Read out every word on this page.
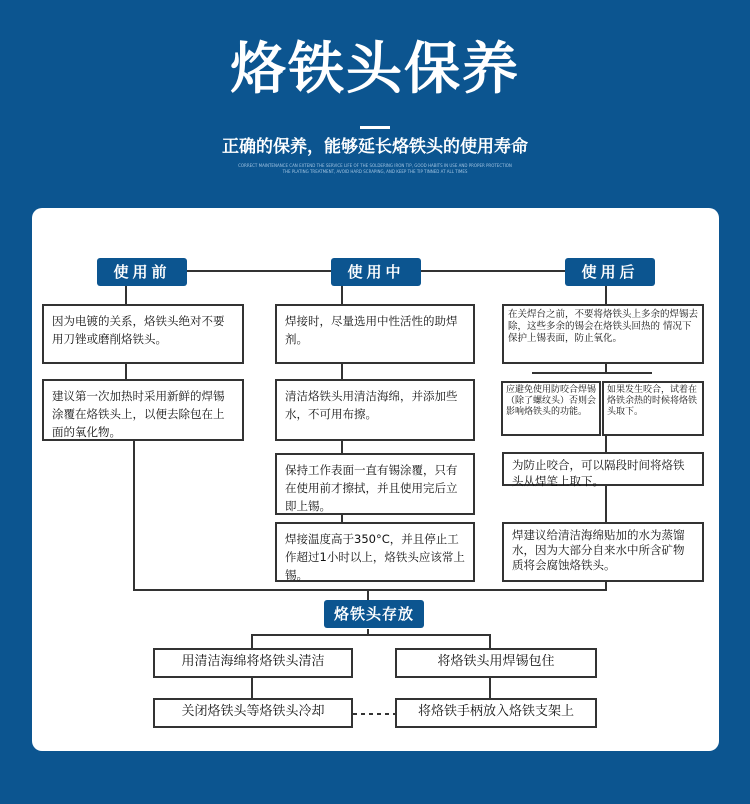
烙铁头保养
正确的保养，能够延长烙铁头的使用寿命
CORRECT MAINTENANCE CAN EXTEND THE SERVICE LIFE OF THE SOLDERING IRON TIP, GOOD HABITS IN USE AND PROPER PROTECTION
THE PLATING TREATMENT, AVOID HARD SCRAPING, AND KEEP THE TIP TINNED AT ALL TIMES
使用前	使用中	使用后
因为电镀的关系，烙铁头绝对不要用刀锉或磨削烙铁头。
建议第一次加热时采用新鲜的焊锡涂覆在烙铁头上，以便去除包在上面的氧化物。
焊接时，尽量选用中性活性的助焊剂。
清洁烙铁头用清洁海绵，并添加些水，不可用布擦。
保持工作表面一直有锡涂覆，只有在使用前才擦拭，并且使用完后立即上锡。
焊接温度高于350°C，并且停止工作超过1小时以上，烙铁头应该常上锡。
在关焊台之前，不要将烙铁头上多余的焊锡去除，这些多余的锡会在烙铁头回热的 情况下保护上锡表面，防止氧化。
应避免使用防咬合焊锡（除了螺纹头）否则会影响烙铁头的功能。
如果发生咬合，试着在烙铁余热的时候将烙铁头取下。
为防止咬合，可以隔段时间将烙铁头从焊笔上取下。
焊建议给清洁海绵贴加的水为蒸馏水，因为大部分自来水中所含矿物质将会腐蚀烙铁头。
烙铁头存放
用清洁海绵将烙铁头清洁	将烙铁头用焊锡包住
关闭烙铁头等烙铁头冷却	将烙铁手柄放入烙铁支架上
